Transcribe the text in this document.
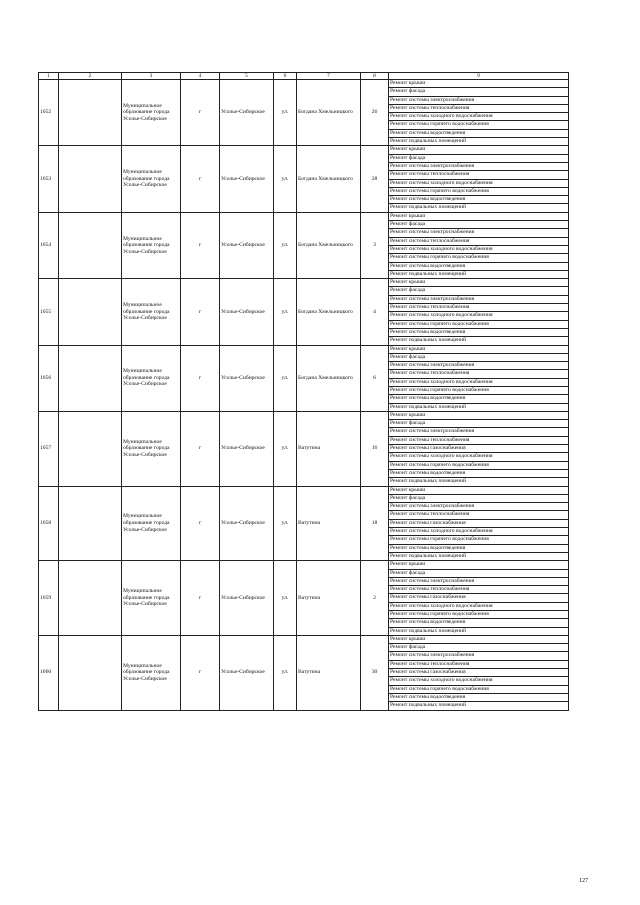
1	2	3	4	5	6	7	8	9
1052		Муниципальное образование города Усолье-Сибирское	г	Усолье-Сибирское	ул.	Богдана Хмельницкого	26	Ремонт крыши
								Ремонт фасада
								Ремонт системы электроснабжения
								Ремонт системы теплоснабжения
								Ремонт системы холодного водоснабжения
								Ремонт системы горячего водоснабжения
								Ремонт системы водоотведения
								Ремонт подвальных помещений
1053		Муниципальное образование города Усолье-Сибирское	г	Усолье-Сибирское	ул.	Богдана Хмельницкого	28	Ремонт крыши
								Ремонт фасада
								Ремонт системы электроснабжения
								Ремонт системы теплоснабжения
								Ремонт системы холодного водоснабжения
								Ремонт системы горячего водоснабжения
								Ремонт системы водоотведения
								Ремонт подвальных помещений
1054		Муниципальное образование города Усолье-Сибирское	г	Усолье-Сибирское	ул.	Богдана Хмельницкого	3	Ремонт крыши
								Ремонт фасада
								Ремонт системы электроснабжения
								Ремонт системы теплоснабжения
								Ремонт системы холодного водоснабжения
								Ремонт системы горячего водоснабжения
								Ремонт системы водоотведения
								Ремонт подвальных помещений
1055		Муниципальное образование города Усолье-Сибирское	г	Усолье-Сибирское	ул.	Богдана Хмельницкого	4	Ремонт крыши
								Ремонт фасада
								Ремонт системы электроснабжения
								Ремонт системы теплоснабжения
								Ремонт системы холодного водоснабжения
								Ремонт системы горячего водоснабжения
								Ремонт системы водоотведения
								Ремонт подвальных помещений
1056		Муниципальное образование города Усолье-Сибирское	г	Усолье-Сибирское	ул.	Богдана Хмельницкого	6	Ремонт крыши
								Ремонт фасада
								Ремонт системы электроснабжения
								Ремонт системы теплоснабжения
								Ремонт системы холодного водоснабжения
								Ремонт системы горячего водоснабжения
								Ремонт системы водоотведения
								Ремонт подвальных помещений
1057		Муниципальное образование города Усолье-Сибирское	г	Усолье-Сибирское	ул.	Ватутина	16	Ремонт крыши
								Ремонт фасада
								Ремонт системы электроснабжения
								Ремонт системы теплоснабжения
								Ремонт системы газоснабжения
								Ремонт системы холодного водоснабжения
								Ремонт системы горячего водоснабжения
								Ремонт системы водоотведения
								Ремонт подвальных помещений
1058		Муниципальное образование города Усолье-Сибирское	г	Усолье-Сибирское	ул.	Ватутина	18	Ремонт крыши
								Ремонт фасада
								Ремонт системы электроснабжения
								Ремонт системы теплоснабжения
								Ремонт системы газоснабжения
								Ремонт системы холодного водоснабжения
								Ремонт системы горячего водоснабжения
								Ремонт системы водоотведения
								Ремонт подвальных помещений
1059		Муниципальное образование города Усолье-Сибирское	г	Усолье-Сибирское	ул.	Ватутина	2	Ремонт крыши
								Ремонт фасада
								Ремонт системы электроснабжения
								Ремонт системы теплоснабжения
								Ремонт системы газоснабжения
								Ремонт системы холодного водоснабжения
								Ремонт системы горячего водоснабжения
								Ремонт системы водоотведения
								Ремонт подвальных помещений
1060		Муниципальное образование города Усолье-Сибирское	г	Усолье-Сибирское	ул.	Ватутина	30	Ремонт крыши
								Ремонт фасада
								Ремонт системы электроснабжения
								Ремонт системы теплоснабжения
								Ремонт системы газоснабжения
								Ремонт системы холодного водоснабжения
								Ремонт системы горячего водоснабжения
								Ремонт системы водоотведения
								Ремонт подвальных помещений
127
